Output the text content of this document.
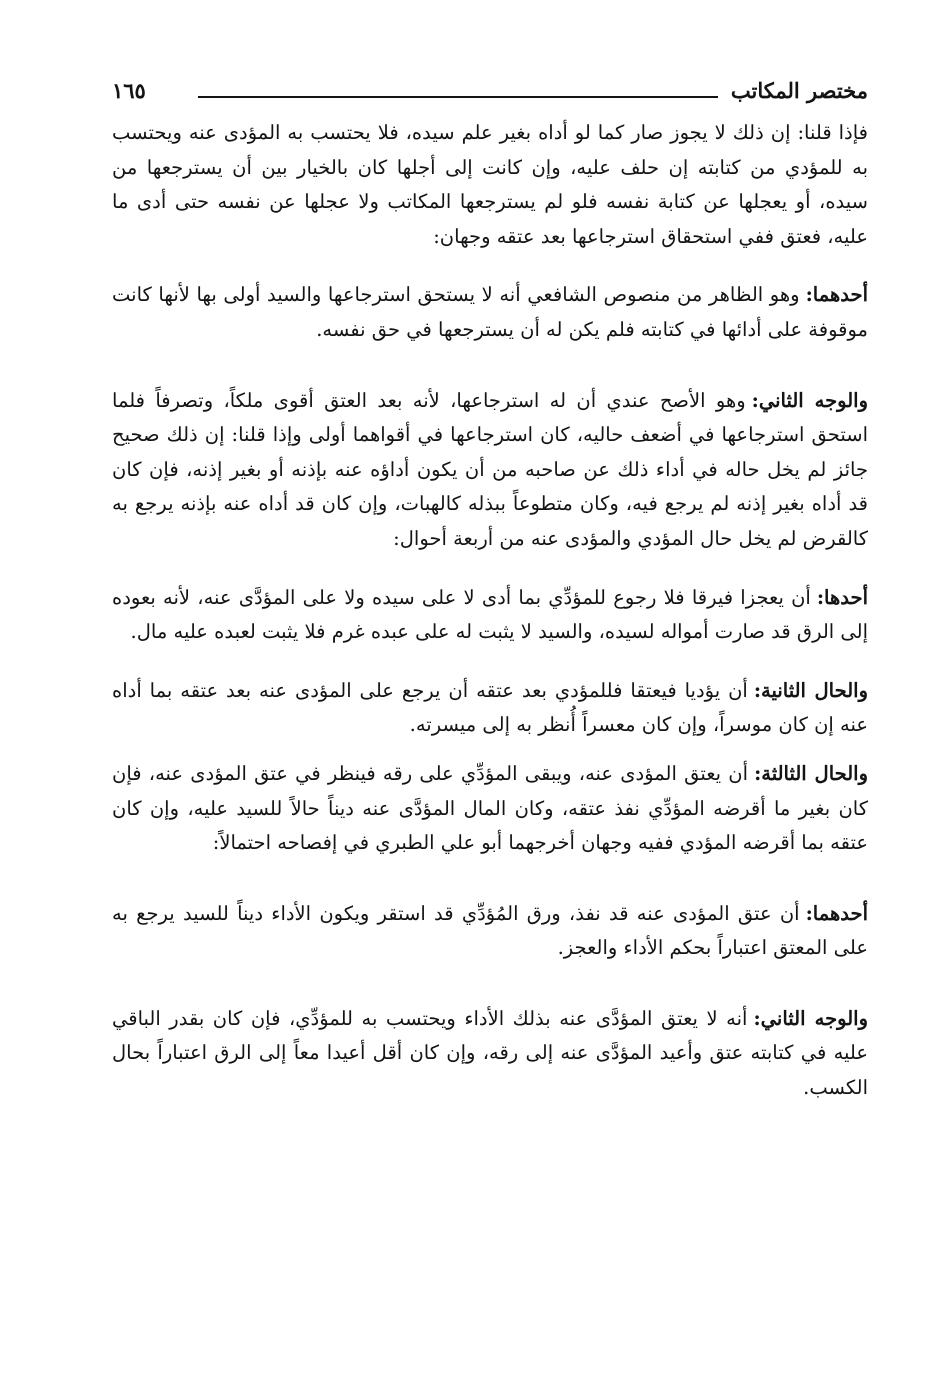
مختصر المكاتب
١٦٥

فإذا قلنا: إن ذلك لا يجوز صار كما لو أداه بغير علم سيده، فلا يحتسب به المؤدى عنه ويحتسب به للمؤدي من كتابته إن حلف عليه، وإن كانت إلى أجلها كان بالخيار بين أن يسترجعها من سيده، أو يعجلها عن كتابة نفسه فلو لم يسترجعها المكاتب ولا عجلها عن نفسه حتى أدى ما عليه، فعتق ففي استحقاق استرجاعها بعد عتقه وجهان:

أحدهما:وهو الظاهر من منصوص الشافعي أنه لا يستحق استرجاعها والسيد أولى بها لأنها كانت موقوفة على أدائها في كتابته فلم يكن له أن يسترجعها في حق نفسه.

والوجه الثاني:وهو الأصح عندي أن له استرجاعها، لأنه بعد العتق أقوى ملكاً، وتصرفاً فلما استحق استرجاعها في أضعف حاليه، كان استرجاعها في أقواهما أولى وإذا قلنا: إن ذلك صحيح جائز لم يخل حاله في أداء ذلك عن صاحبه من أن يكون أداؤه عنه بإذنه أو بغير إذنه، فإن كان قد أداه بغير إذنه لم يرجع فيه، وكان متطوعاً ببذله كالهبات، وإن كان قد أداه عنه بإذنه يرجع به كالقرض لم يخل حال المؤدي والمؤدى عنه من أربعة أحوال:

أحدها:أن يعجزا فيرقا فلا رجوع للمؤدِّي بما أدى لا على سيده ولا على المؤدَّى عنه، لأنه بعوده إلى الرق قد صارت أمواله لسيده، والسيد لا يثبت له على عبده غرم فلا يثبت لعبده عليه مال.

والحال الثانية:أن يؤديا فيعتقا فللمؤدي بعد عتقه أن يرجع على المؤدى عنه بعد عتقه بما أداه عنه إن كان موسراً، وإن كان معسراً أُنظر به إلى ميسرته.

والحال الثالثة:أن يعتق المؤدى عنه، ويبقى المؤدِّي على رقه فينظر في عتق المؤدى عنه، فإن كان بغير ما أقرضه المؤدِّي نفذ عتقه، وكان المال المؤدَّى عنه ديناً حالاً للسيد عليه، وإن كان عتقه بما أقرضه المؤدي ففيه وجهان أخرجهما أبو علي الطبري في إفصاحه احتمالاً:

أحدهما:أن عتق المؤدى عنه قد نفذ، ورق المُؤدِّي قد استقر ويكون الأداء ديناً للسيد يرجع به على المعتق اعتباراً بحكم الأداء والعجز.

والوجه الثاني:أنه لا يعتق المؤدَّى عنه بذلك الأداء ويحتسب به للمؤدِّي، فإن كان بقدر الباقي عليه في كتابته عتق وأعيد المؤدَّى عنه إلى رقه، وإن كان أقل أعيدا معاً إلى الرق اعتباراً بحال الكسب.
